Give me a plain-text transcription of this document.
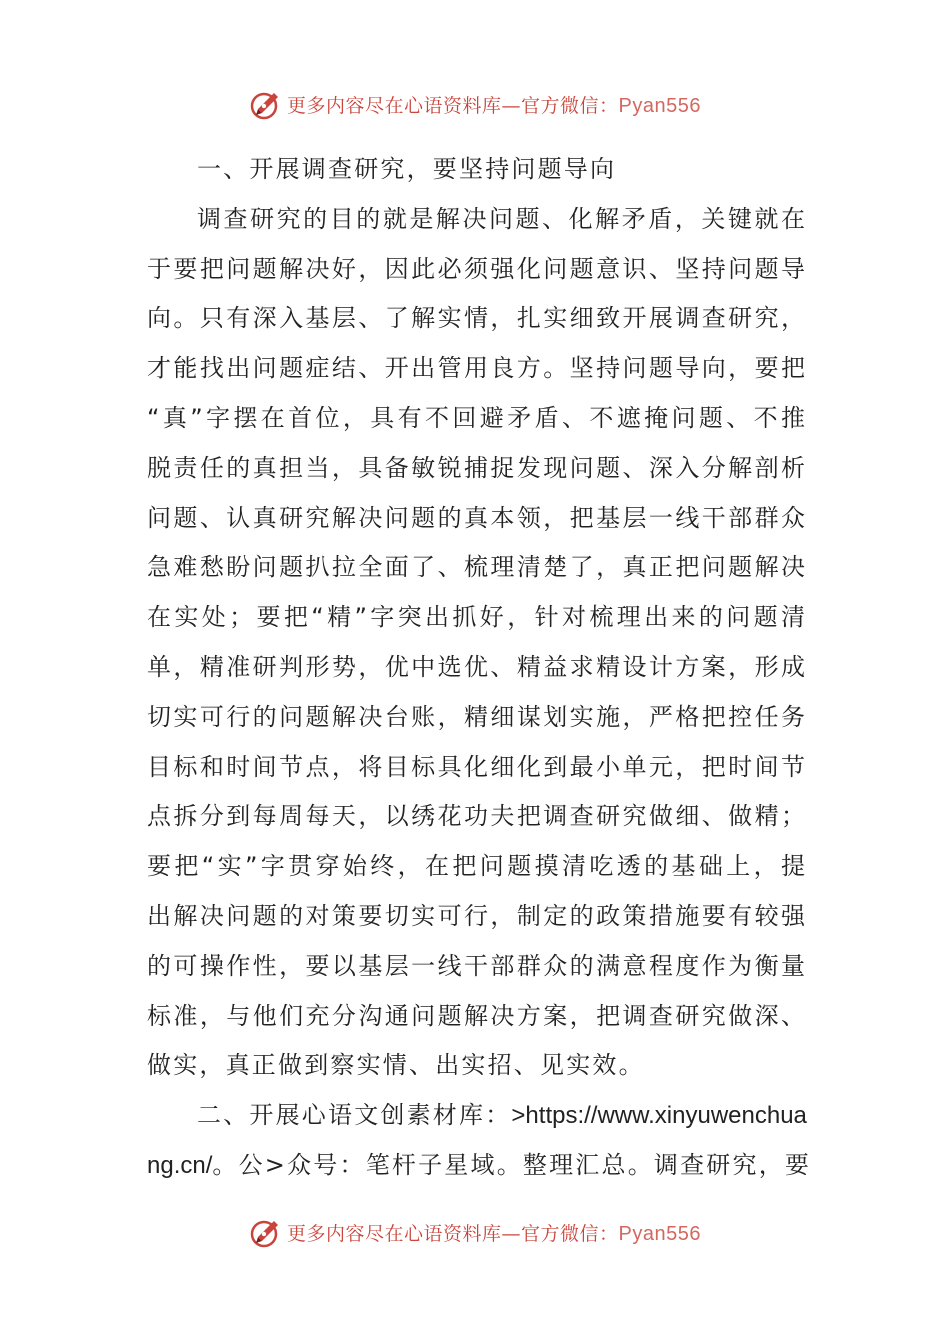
更多内容尽在心语资料库—官方微信：Pyan556
一、开展调查研究，要坚持问题导向
调查研究的目的就是解决问题、化解矛盾，关键就在
于要把问题解决好，因此必须强化问题意识、坚持问题导
向。只有深入基层、了解实情，扎实细致开展调查研究，
才能找出问题症结、开出管用良方。坚持问题导向，要把
“真”字摆在首位，具有不回避矛盾、不遮掩问题、不推
脱责任的真担当，具备敏锐捕捉发现问题、深入分解剖析
问题、认真研究解决问题的真本领，把基层一线干部群众
急难愁盼问题扒拉全面了、梳理清楚了，真正把问题解决
在实处；要把“精”字突出抓好，针对梳理出来的问题清
单，精准研判形势，优中选优、精益求精设计方案，形成
切实可行的问题解决台账，精细谋划实施，严格把控任务
目标和时间节点，将目标具化细化到最小单元，把时间节
点拆分到每周每天，以绣花功夫把调查研究做细、做精；
要把“实”字贯穿始终，在把问题摸清吃透的基础上，提
出解决问题的对策要切实可行，制定的政策措施要有较强
的可操作性，要以基层一线干部群众的满意程度作为衡量
标准，与他们充分沟通问题解决方案，把调查研究做深、
做实，真正做到察实情、出实招、见实效。
二、开展心语文创素材库：>https://www.xinyuwenchua
ng.cn/。公>众号：笔杆子星域。整理汇总。调查研究，要
更多内容尽在心语资料库—官方微信：Pyan556
